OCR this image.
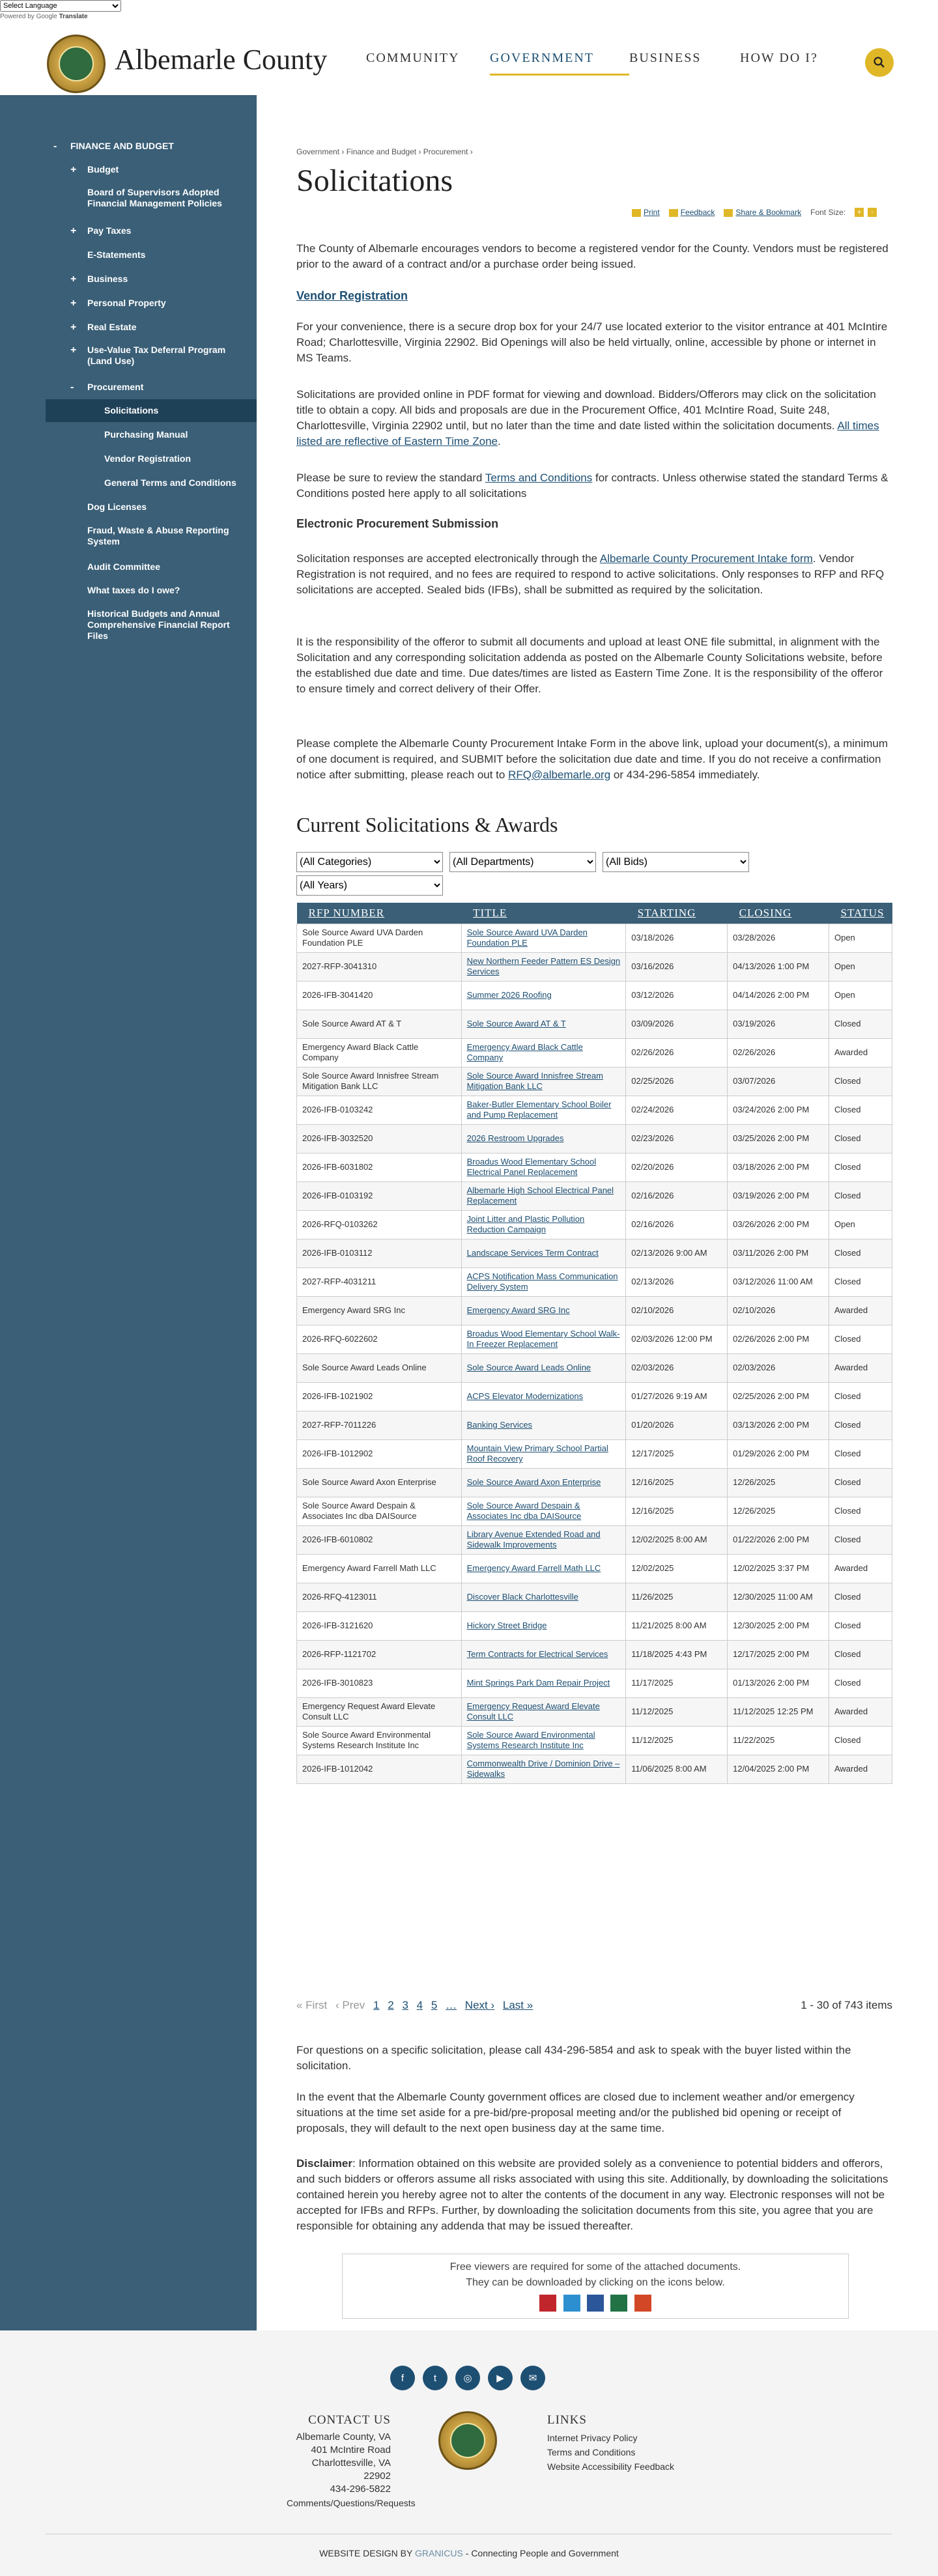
Select Language
Powered by Google Translate
Albemarle County	COMMUNITY	GOVERNMENT	BUSINESS	HOW DO I?
- FINANCE AND BUDGET
+ Budget
Board of Supervisors Adopted Financial Management Policies
+ Pay Taxes
E-Statements
+ Business
+ Personal Property
+ Real Estate
+ Use-Value Tax Deferral Program (Land Use)
- Procurement
Solicitations
Purchasing Manual
Vendor Registration
General Terms and Conditions
Dog Licenses
Fraud, Waste & Abuse Reporting System
Audit Committee
What taxes do I owe?
Historical Budgets and Annual Comprehensive Financial Report Files
Government › Finance and Budget › Procurement ›
Solicitations
Print	Feedback	Share & Bookmark Font Size:	+	-

The County of Albemarle encourages vendors to become a registered vendor for the County. Vendors must be registered prior to the award of a contract and/or a purchase order being issued.

Vendor Registration

For your convenience, there is a secure drop box for your 24/7 use located exterior to the visitor entrance at 401 McIntire Road; Charlottesville, Virginia 22902. Bid Openings will also be held virtually, online, accessible by phone or internet in MS Teams.

Solicitations are provided online in PDF format for viewing and download. Bidders/Offerors may click on the solicitation title to obtain a copy. All bids and proposals are due in the Procurement Office, 401 McIntire Road, Suite 248, Charlottesville, Virginia 22902 until, but no later than the time and date listed within the solicitation documents. All times listed are reflective of Eastern Time Zone.

Please be sure to review the standard Terms and Conditions for contracts. Unless otherwise stated the standard Terms & Conditions posted here apply to all solicitations

Electronic Procurement Submission

Solicitation responses are accepted electronically through the Albemarle County Procurement Intake form. Vendor Registration is not required, and no fees are required to respond to active solicitations. Only responses to RFP and RFQ solicitations are accepted. Sealed bids (IFBs), shall be submitted as required by the solicitation.

It is the responsibility of the offeror to submit all documents and upload at least ONE file submittal, in alignment with the Solicitation and any corresponding solicitation addenda as posted on the Albemarle County Solicitations website, before the established due date and time. Due dates/times are listed as Eastern Time Zone. It is the responsibility of the offeror to ensure timely and correct delivery of their Offer.

Please complete the Albemarle County Procurement Intake Form in the above link, upload your document(s), a minimum of one document is required, and SUBMIT before the solicitation due date and time. If you do not receive a confirmation notice after submitting, please reach out to RFQ@albemarle.org or 434-296-5854 immediately.

Current Solicitations & Awards
(All Categories)
(All Departments)
(All Bids)
(All Years)
RFP NUMBER	TITLE	STARTING	CLOSING	STATUS
Sole Source Award UVA Darden Foundation PLE	Sole Source Award UVA Darden Foundation PLE	03/18/2026	03/28/2026	Open
2027-RFP-3041310	New Northern Feeder Pattern ES Design Services	03/16/2026	04/13/2026 1:00 PM	Open
2026-IFB-3041420	Summer 2026 Roofing	03/12/2026	04/14/2026 2:00 PM	Open
Sole Source Award AT & T	Sole Source Award AT & T	03/09/2026	03/19/2026	Closed
Emergency Award Black Cattle Company	Emergency Award Black Cattle Company	02/26/2026	02/26/2026	Awarded
Sole Source Award Innisfree Stream Mitigation Bank LLC	Sole Source Award Innisfree Stream Mitigation Bank LLC	02/25/2026	03/07/2026	Closed
2026-IFB-0103242	Baker-Butler Elementary School Boiler and Pump Replacement	02/24/2026	03/24/2026 2:00 PM	Closed
2026-IFB-3032520	2026 Restroom Upgrades	02/23/2026	03/25/2026 2:00 PM	Closed
2026-IFB-6031802	Broadus Wood Elementary School Electrical Panel Replacement	02/20/2026	03/18/2026 2:00 PM	Closed
2026-IFB-0103192	Albemarle High School Electrical Panel Replacement	02/16/2026	03/19/2026 2:00 PM	Closed
2026-RFQ-0103262	Joint Litter and Plastic Pollution Reduction Campaign	02/16/2026	03/26/2026 2:00 PM	Open
2026-IFB-0103112	Landscape Services Term Contract	02/13/2026 9:00 AM	03/11/2026 2:00 PM	Closed
2027-RFP-4031211	ACPS Notification Mass Communication Delivery System	02/13/2026	03/12/2026 11:00 AM	Closed
Emergency Award SRG Inc	Emergency Award SRG Inc	02/10/2026	02/10/2026	Awarded
2026-RFQ-6022602	Broadus Wood Elementary School Walk-In Freezer Replacement	02/03/2026 12:00 PM	02/26/2026 2:00 PM	Closed
Sole Source Award Leads Online	Sole Source Award Leads Online	02/03/2026	02/03/2026	Awarded
2026-IFB-1021902	ACPS Elevator Modernizations	01/27/2026 9:19 AM	02/25/2026 2:00 PM	Closed
2027-RFP-7011226	Banking Services	01/20/2026	03/13/2026 2:00 PM	Closed
2026-IFB-1012902	Mountain View Primary School Partial Roof Recovery	12/17/2025	01/29/2026 2:00 PM	Closed
Sole Source Award Axon Enterprise	Sole Source Award Axon Enterprise	12/16/2025	12/26/2025	Closed
Sole Source Award Despain & Associates Inc dba DAISource	Sole Source Award Despain & Associates Inc dba DAISource	12/16/2025	12/26/2025	Closed
2026-IFB-6010802	Library Avenue Extended Road and Sidewalk Improvements	12/02/2025 8:00 AM	01/22/2026 2:00 PM	Closed
Emergency Award Farrell Math LLC	Emergency Award Farrell Math LLC	12/02/2025	12/02/2025 3:37 PM	Awarded
2026-RFQ-4123011	Discover Black Charlottesville	11/26/2025	12/30/2025 11:00 AM	Closed
2026-IFB-3121620	Hickory Street Bridge	11/21/2025 8:00 AM	12/30/2025 2:00 PM	Closed
2026-RFP-1121702	Term Contracts for Electrical Services	11/18/2025 4:43 PM	12/17/2025 2:00 PM	Closed
2026-IFB-3010823	Mint Springs Park Dam Repair Project	11/17/2025	01/13/2026 2:00 PM	Closed
Emergency Request Award Elevate Consult LLC	Emergency Request Award Elevate Consult LLC	11/12/2025	11/12/2025 12:25 PM	Awarded
Sole Source Award Environmental Systems Research Institute Inc	Sole Source Award Environmental Systems Research Institute Inc	11/12/2025	11/22/2025	Closed
2026-IFB-1012042	Commonwealth Drive / Dominion Drive – Sidewalks	11/06/2025 8:00 AM	12/04/2025 2:00 PM	Awarded
« First ‹ Prev 1 2 3 4 5 … Next › Last »	1 - 30 of 743 items

For questions on a specific solicitation, please call 434-296-5854 and ask to speak with the buyer listed within the solicitation.

In the event that the Albemarle County government offices are closed due to inclement weather and/or emergency situations at the time set aside for a pre-bid/pre-proposal meeting and/or the published bid opening or receipt of proposals, they will default to the next open business day at the same time.

Disclaimer: Information obtained on this website are provided solely as a convenience to potential bidders and offerors, and such bidders or offerors assume all risks associated with using this site. Additionally, by downloading the solicitations contained herein you hereby agree not to alter the contents of the document in any way. Electronic responses will not be accepted for IFBs and RFPs. Further, by downloading the solicitation documents from this site, you agree that you are responsible for obtaining any addenda that may be issued thereafter.

Free viewers are required for some of the attached documents.
They can be downloaded by clicking on the icons below.

f	t	◎	▶	✉
CONTACT US
Albemarle County, VA
401 McIntire Road
Charlottesville, VA 22902
434-296-5822
Comments/Questions/Requests
LINKS
Internet Privacy Policy
Terms and Conditions
Website Accessibility Feedback
WEBSITE DESIGN BY GRANICUS - Connecting People and Government
